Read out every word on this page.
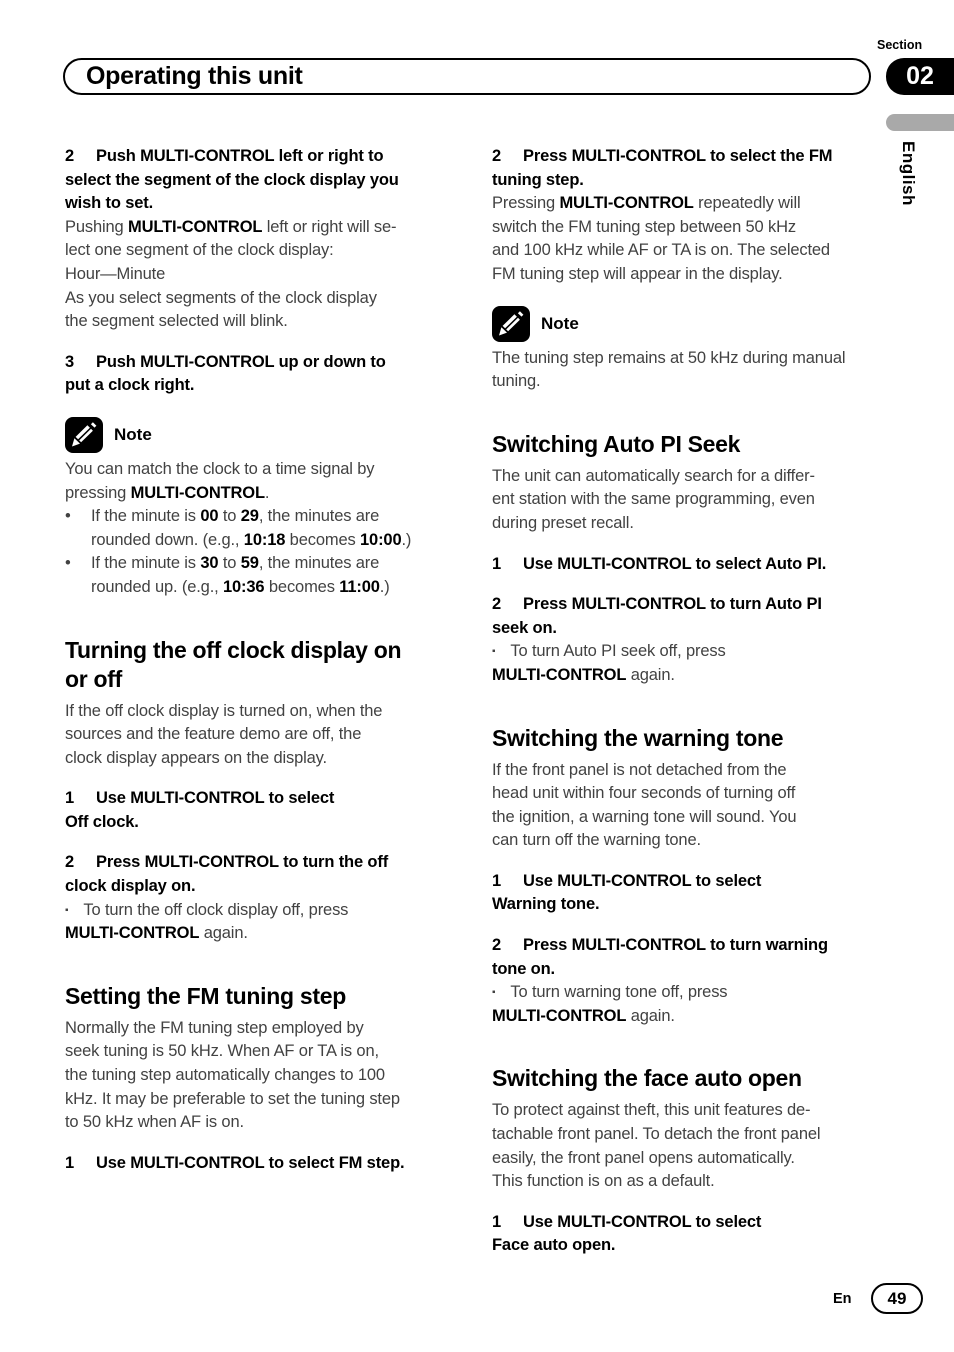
Operating this unit
Section
02
English

2 Push MULTI-CONTROL left or right to
select the segment of the clock display you
wish to set.

Pushing MULTI-CONTROL left or right will se-
lect one segment of the clock display:
Hour—Minute
As you select segments of the clock display
the segment selected will blink.

3 Push MULTI-CONTROL up or down to
put a clock right.

Note

You can match the clock to a time signal by
pressing MULTI-CONTROL.

•	If the minute is 00 to 29, the minutes are
rounded down. (e.g., 10:18 becomes 10:00.)
•	If the minute is 30 to 59, the minutes are
rounded up. (e.g., 10:36 becomes 11:00.)
Turning the off clock display on
or off

If the off clock display is turned on, when the
sources and the feature demo are off, the
clock display appears on the display.

1 Use MULTI-CONTROL to select
Off clock.

2 Press MULTI-CONTROL to turn the off
clock display on.

▪ To turn the off clock display off, press
MULTI-CONTROL again.

Setting the FM tuning step

Normally the FM tuning step employed by
seek tuning is 50 kHz. When AF or TA is on,
the tuning step automatically changes to 100
kHz. It may be preferable to set the tuning step
to 50 kHz when AF is on.

1 Use MULTI-CONTROL to select FM step.

2 Press MULTI-CONTROL to select the FM
tuning step.

Pressing MULTI-CONTROL repeatedly will
switch the FM tuning step between 50 kHz
and 100 kHz while AF or TA is on. The selected
FM tuning step will appear in the display.

Note

The tuning step remains at 50 kHz during manual
tuning.

Switching Auto PI Seek

The unit can automatically search for a differ-
ent station with the same programming, even
during preset recall.

1 Use MULTI-CONTROL to select Auto PI.

2 Press MULTI-CONTROL to turn Auto PI
seek on.

▪ To turn Auto PI seek off, press
MULTI-CONTROL again.

Switching the warning tone

If the front panel is not detached from the
head unit within four seconds of turning off
the ignition, a warning tone will sound. You
can turn off the warning tone.

1 Use MULTI-CONTROL to select
Warning tone.

2 Press MULTI-CONTROL to turn warning
tone on.

▪ To turn warning tone off, press
MULTI-CONTROL again.

Switching the face auto open

To protect against theft, this unit features de-
tachable front panel. To detach the front panel
easily, the front panel opens automatically.
This function is on as a default.

1 Use MULTI-CONTROL to select
Face auto open.

En	49
